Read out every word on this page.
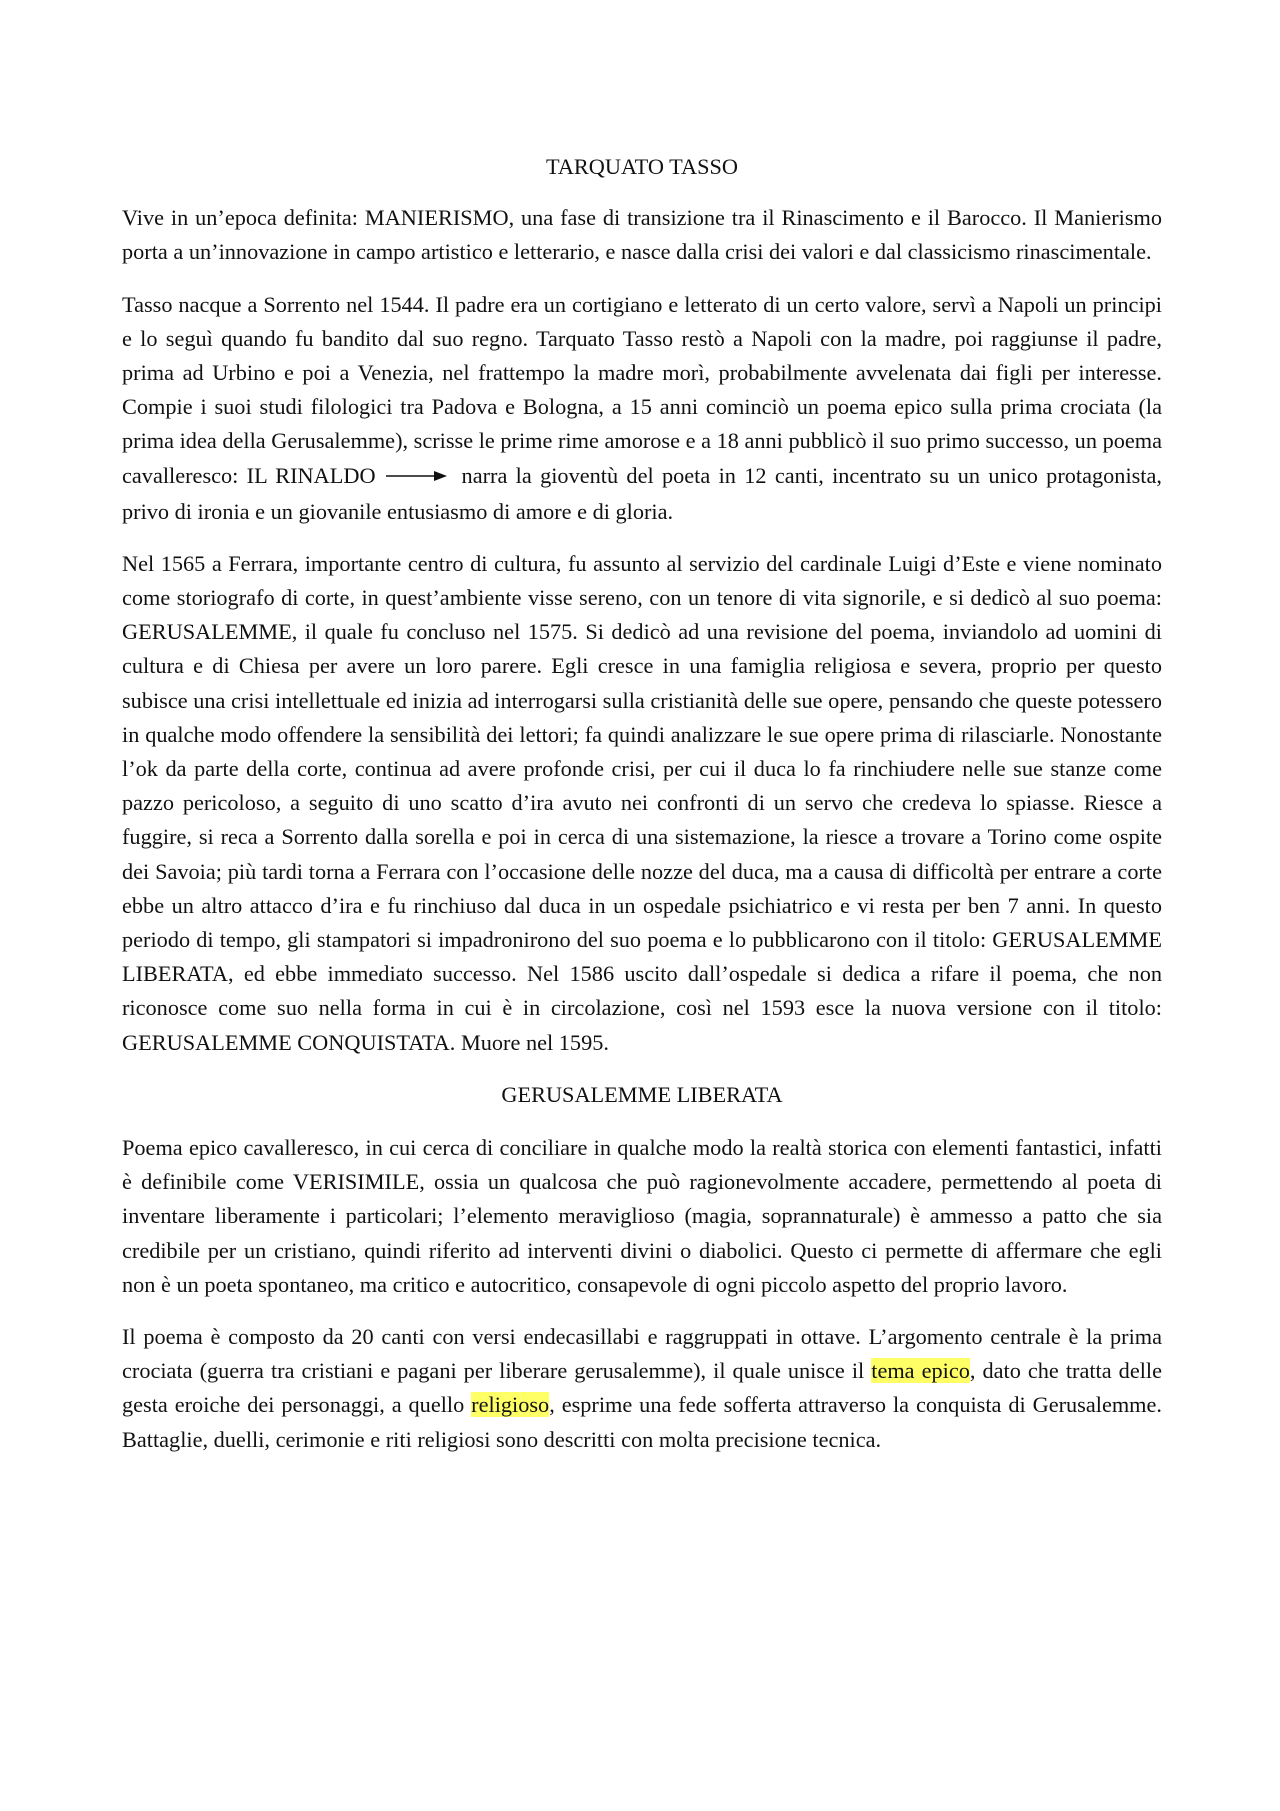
TARQUATO TASSO

Vive in un’epoca definita: MANIERISMO, una fase di transizione tra il Rinascimento e il Barocco. Il Manierismo porta a un’innovazione in campo artistico e letterario, e nasce dalla crisi dei valori e dal classicismo rinascimentale.

Tasso nacque a Sorrento nel 1544. Il padre era un cortigiano e letterato di un certo valore, servì a Napoli un principi e lo seguì quando fu bandito dal suo regno. Tarquato Tasso restò a Napoli con la madre, poi raggiunse il padre, prima ad Urbino e poi a Venezia, nel frattempo la madre morì, probabilmente avvelenata dai figli per interesse. Compie i suoi studi filologici tra Padova e Bologna, a 15 anni cominciò un poema epico sulla prima crociata (la prima idea della Gerusalemme), scrisse le prime rime amorose e a 18 anni pubblicò il suo primo successo, un poema cavalleresco: IL RINALDO	narra la gioventù del poeta in 12 canti, incentrato su un unico protagonista, privo di ironia e un giovanile entusiasmo di amore e di gloria.

Nel 1565 a Ferrara, importante centro di cultura, fu assunto al servizio del cardinale Luigi d’Este e viene nominato come storiografo di corte, in quest’ambiente visse sereno, con un tenore di vita signorile, e si dedicò al suo poema: GERUSALEMME, il quale fu concluso nel 1575. Si dedicò ad una revisione del poema, inviandolo ad uomini di cultura e di Chiesa per avere un loro parere. Egli cresce in una famiglia religiosa e severa, proprio per questo subisce una crisi intellettuale ed inizia ad interrogarsi sulla cristianità delle sue opere, pensando che queste potessero in qualche modo offendere la sensibilità dei lettori; fa quindi analizzare le sue opere prima di rilasciarle. Nonostante l’ok da parte della corte, continua ad avere profonde crisi, per cui il duca lo fa rinchiudere nelle sue stanze come pazzo pericoloso, a seguito di uno scatto d’ira avuto nei confronti di un servo che credeva lo spiasse. Riesce a fuggire, si reca a Sorrento dalla sorella e poi in cerca di una sistemazione, la riesce a trovare a Torino come ospite dei Savoia; più tardi torna a Ferrara con l’occasione delle nozze del duca, ma a causa di difficoltà per entrare a corte ebbe un altro attacco d’ira e fu rinchiuso dal duca in un ospedale psichiatrico e vi resta per ben 7 anni. In questo periodo di tempo, gli stampatori si impadronirono del suo poema e lo pubblicarono con il titolo: GERUSALEMME LIBERATA, ed ebbe immediato successo. Nel 1586 uscito dall’ospedale si dedica a rifare il poema, che non riconosce come suo nella forma in cui è in circolazione, così nel 1593 esce la nuova versione con il titolo: GERUSALEMME CONQUISTATA. Muore nel 1595.

GERUSALEMME LIBERATA

Poema epico cavalleresco, in cui cerca di conciliare in qualche modo la realtà storica con elementi fantastici, infatti è definibile come VERISIMILE, ossia un qualcosa che può ragionevolmente accadere, permettendo al poeta di inventare liberamente i particolari; l’elemento meraviglioso (magia, soprannaturale) è ammesso a patto che sia credibile per un cristiano, quindi riferito ad interventi divini o diabolici. Questo ci permette di affermare che egli non è un poeta spontaneo, ma critico e autocritico, consapevole di ogni piccolo aspetto del proprio lavoro.

Il poema è composto da 20 canti con versi endecasillabi e raggruppati in ottave. L’argomento centrale è la prima crociata (guerra tra cristiani e pagani per liberare gerusalemme), il quale unisce il tema epico, dato che tratta delle gesta eroiche dei personaggi, a quello religioso, esprime una fede sofferta attraverso la conquista di Gerusalemme. Battaglie, duelli, cerimonie e riti religiosi sono descritti con molta precisione tecnica.
